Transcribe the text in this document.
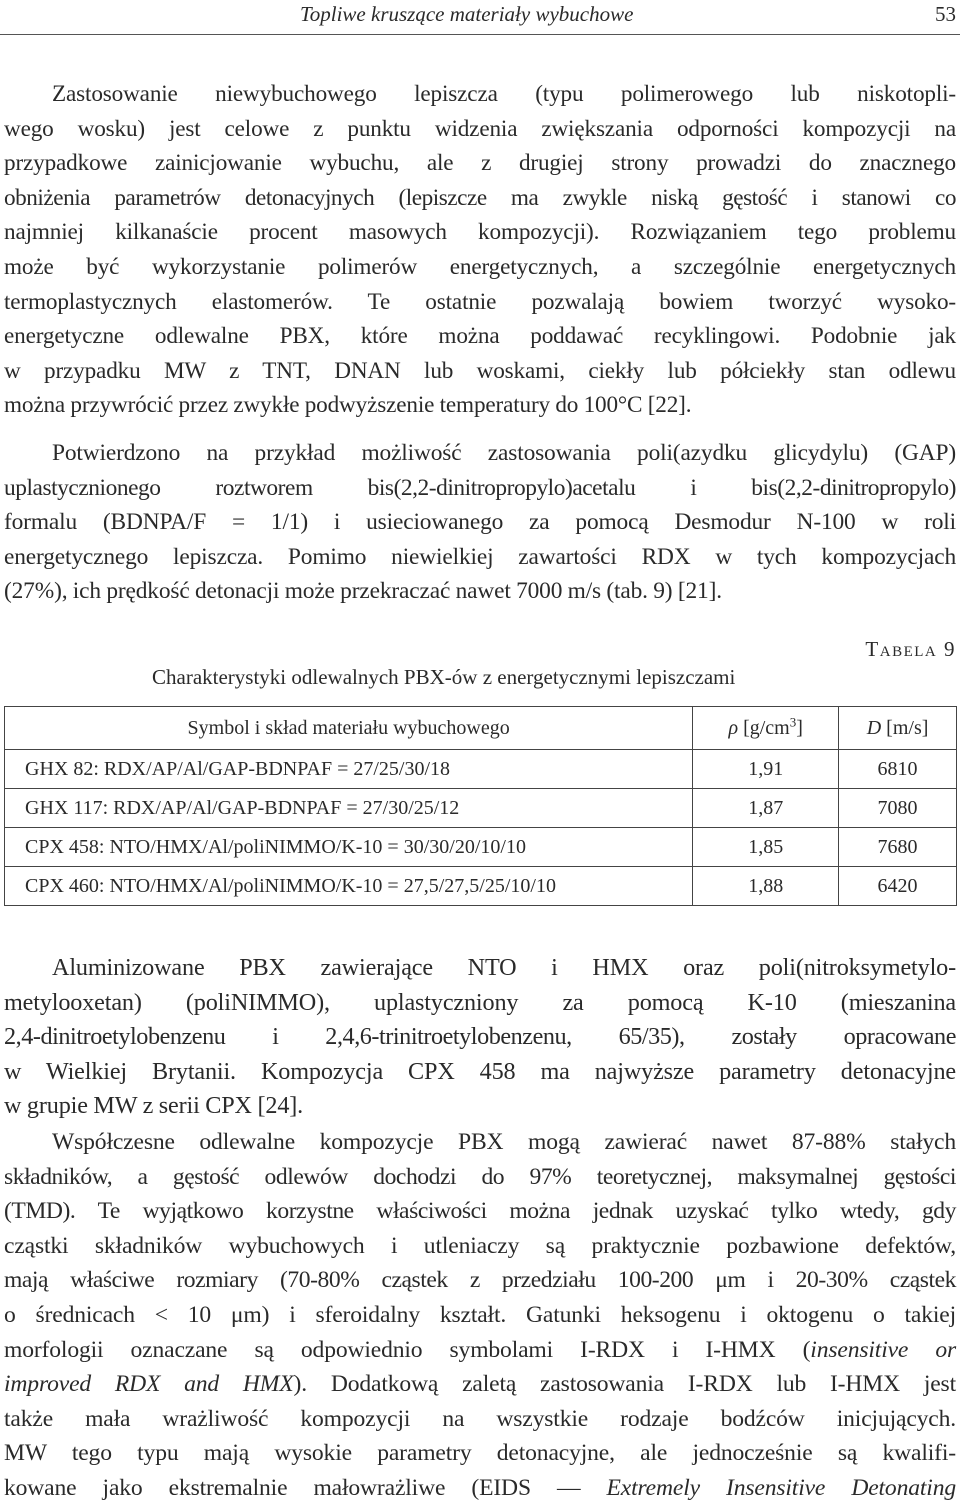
Topliwe kruszące materiały wybuchowe	53

Zastosowanie niewybuchowego lepiszcza (typu polimerowego lub niskotopli-
wego wosku) jest celowe z punktu widzenia zwiększania odporności kompozycji na
przypadkowe zainicjowanie wybuchu, ale z drugiej strony prowadzi do znacznego
obniżenia parametrów detonacyjnych (lepiszcze ma zwykle niską gęstość i stanowi co
najmniej kilkanaście procent masowych kompozycji). Rozwiązaniem tego problemu
może być wykorzystanie polimerów energetycznych, a szczególnie energetycznych
termoplastycznych elastomerów. Te ostatnie pozwalają bowiem tworzyć wysoko-
energetyczne odlewalne PBX, które można poddawać recyklingowi. Podobnie jak
w przypadku MW z TNT, DNAN lub woskami, ciekły lub półciekły stan odlewu
można przywrócić przez zwykłe podwyższenie temperatury do 100°C [22].

Potwierdzono na przykład możliwość zastosowania poli(azydku glicydylu) (GAP)
uplastycznionego roztworem bis(2,2-dinitropropylo)acetalu i bis(2,2-dinitropropylo)
formalu (BDNPA/F = 1/1) i usieciowanego za pomocą Desmodur N-100 w roli
energetycznego lepiszcza. Pomimo niewielkiej zawartości RDX w tych kompozycjach
(27%), ich prędkość detonacji może przekraczać nawet 7000 m/s (tab. 9) [21].

Tabela 9
Charakterystyki odlewalnych PBX-ów z energetycznymi lepiszczami
Symbol i skład materiału wybuchowego	ρ $[g/cm^3]$	D [m/s]
GHX 82: RDX/AP/Al/GAP-BDNPAF = 27/25/30/18	1,91	6810
GHX 117: RDX/AP/Al/GAP-BDNPAF = 27/30/25/12	1,87	7080
CPX 458: NTO/HMX/Al/poliNIMMO/K-10 = 30/30/20/10/10	1,85	7680
CPX 460: NTO/HMX/Al/poliNIMMO/K-10 = 27,5/27,5/25/10/10	1,88	6420

Aluminizowane PBX zawierające NTO i HMX oraz poli(nitroksymetylo-
metylooxetan) (poliNIMMO), uplastyczniony za pomocą K-10 (mieszanina
2,4-dinitroetylobenzenu i 2,4,6-trinitroetylobenzenu, 65/35), zostały opracowane
w Wielkiej Brytanii. Kompozycja CPX 458 ma najwyższe parametry detonacyjne
w grupie MW z serii CPX [24].

Współczesne odlewalne kompozycje PBX mogą zawierać nawet 87-88% stałych
składników, a gęstość odlewów dochodzi do 97% teoretycznej, maksymalnej gęstości
(TMD). Te wyjątkowo korzystne właściwości można jednak uzyskać tylko wtedy, gdy
cząstki składników wybuchowych i utleniaczy są praktycznie pozbawione defektów,
mają właściwe rozmiary (70-80% cząstek z przedziału 100-200 μm i 20-30% cząstek
o średnicach < 10 μm) i sferoidalny kształt. Gatunki heksogenu i oktogenu o takiej
morfologii oznaczane są odpowiednio symbolami I-RDX i I-HMX (insensitive or
improved RDX and HMX). Dodatkową zaletą zastosowania I-RDX lub I-HMX jest
także mała wrażliwość kompozycji na wszystkie rodzaje bodźców inicjujących.
MW tego typu mają wysokie parametry detonacyjne, ale jednocześnie są kwalifi-
kowane jako ekstremalnie małowrażliwe (EIDS — Extremely Insensitive Detonating
